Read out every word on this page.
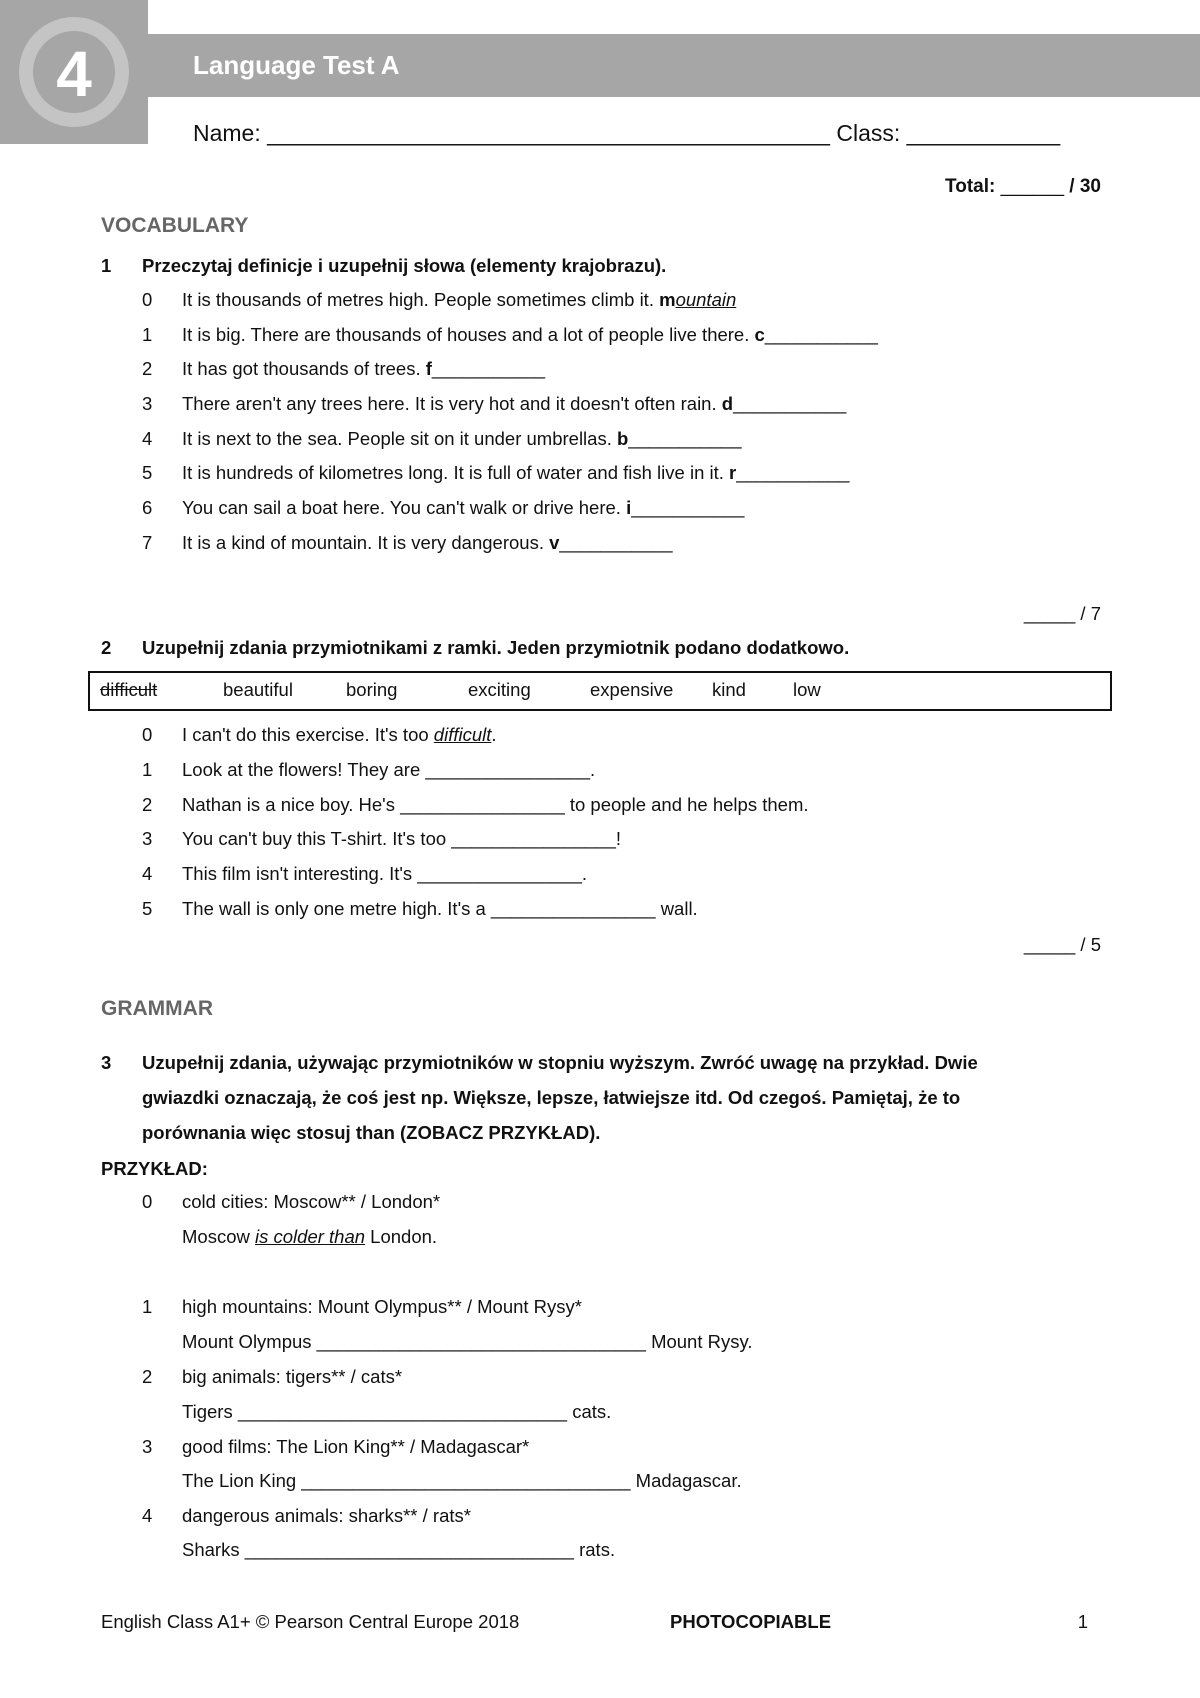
4	Language Test A
Name: ____________________________________________ Class: ____________
Total: ______ / 30
VOCABULARY
1 Przeczytaj definicje i uzupełnij słowa (elementy krajobrazu).
0 It is thousands of metres high. People sometimes climb it. mountain
1 It is big. There are thousands of houses and a lot of people live there. c___________
2 It has got thousands of trees. f___________
3 There aren't any trees here. It is very hot and it doesn't often rain. d___________
4 It is next to the sea. People sit on it under umbrellas. b___________
5 It is hundreds of kilometres long. It is full of water and fish live in it. r___________
6 You can sail a boat here. You can't walk or drive here. i___________
7 It is a kind of mountain. It is very dangerous. v___________
_____ / 7
2 Uzupełnij zdania przymiotnikami z ramki. Jeden przymiotnik podano dodatkowo.
difficult	beautiful	boring	exciting	expensive kind	low
0 I can't do this exercise. It's too difficult.
1 Look at the flowers! They are ________________.
2 Nathan is a nice boy. He's ________________ to people and he helps them.
3 You can't buy this T-shirt. It's too ________________!
4 This film isn't interesting. It's ________________.
5 The wall is only one metre high. It's a ________________ wall.
_____ / 5
GRAMMAR
3 Uzupełnij zdania, używając przymiotników w stopniu wyższym. Zwróć uwagę na przykład. Dwie
gwiazdki oznaczają, że coś jest np. Większe, lepsze, łatwiejsze itd. Od czegoś. Pamiętaj, że to
porównania więc stosuj than (ZOBACZ PRZYKŁAD).
PRZYKŁAD:
0 cold cities: Moscow** / London*
Moscow is colder than London.
1 high mountains: Mount Olympus** / Mount Rysy*
Mount Olympus ________________________________ Mount Rysy.
2 big animals: tigers** / cats*
Tigers ________________________________ cats.
3 good films: The Lion King** / Madagascar*
The Lion King ________________________________ Madagascar.
4 dangerous animals: sharks** / rats*
Sharks ________________________________ rats.
English Class A1+ © Pearson Central Europe 2018	PHOTOCOPIABLE	1
